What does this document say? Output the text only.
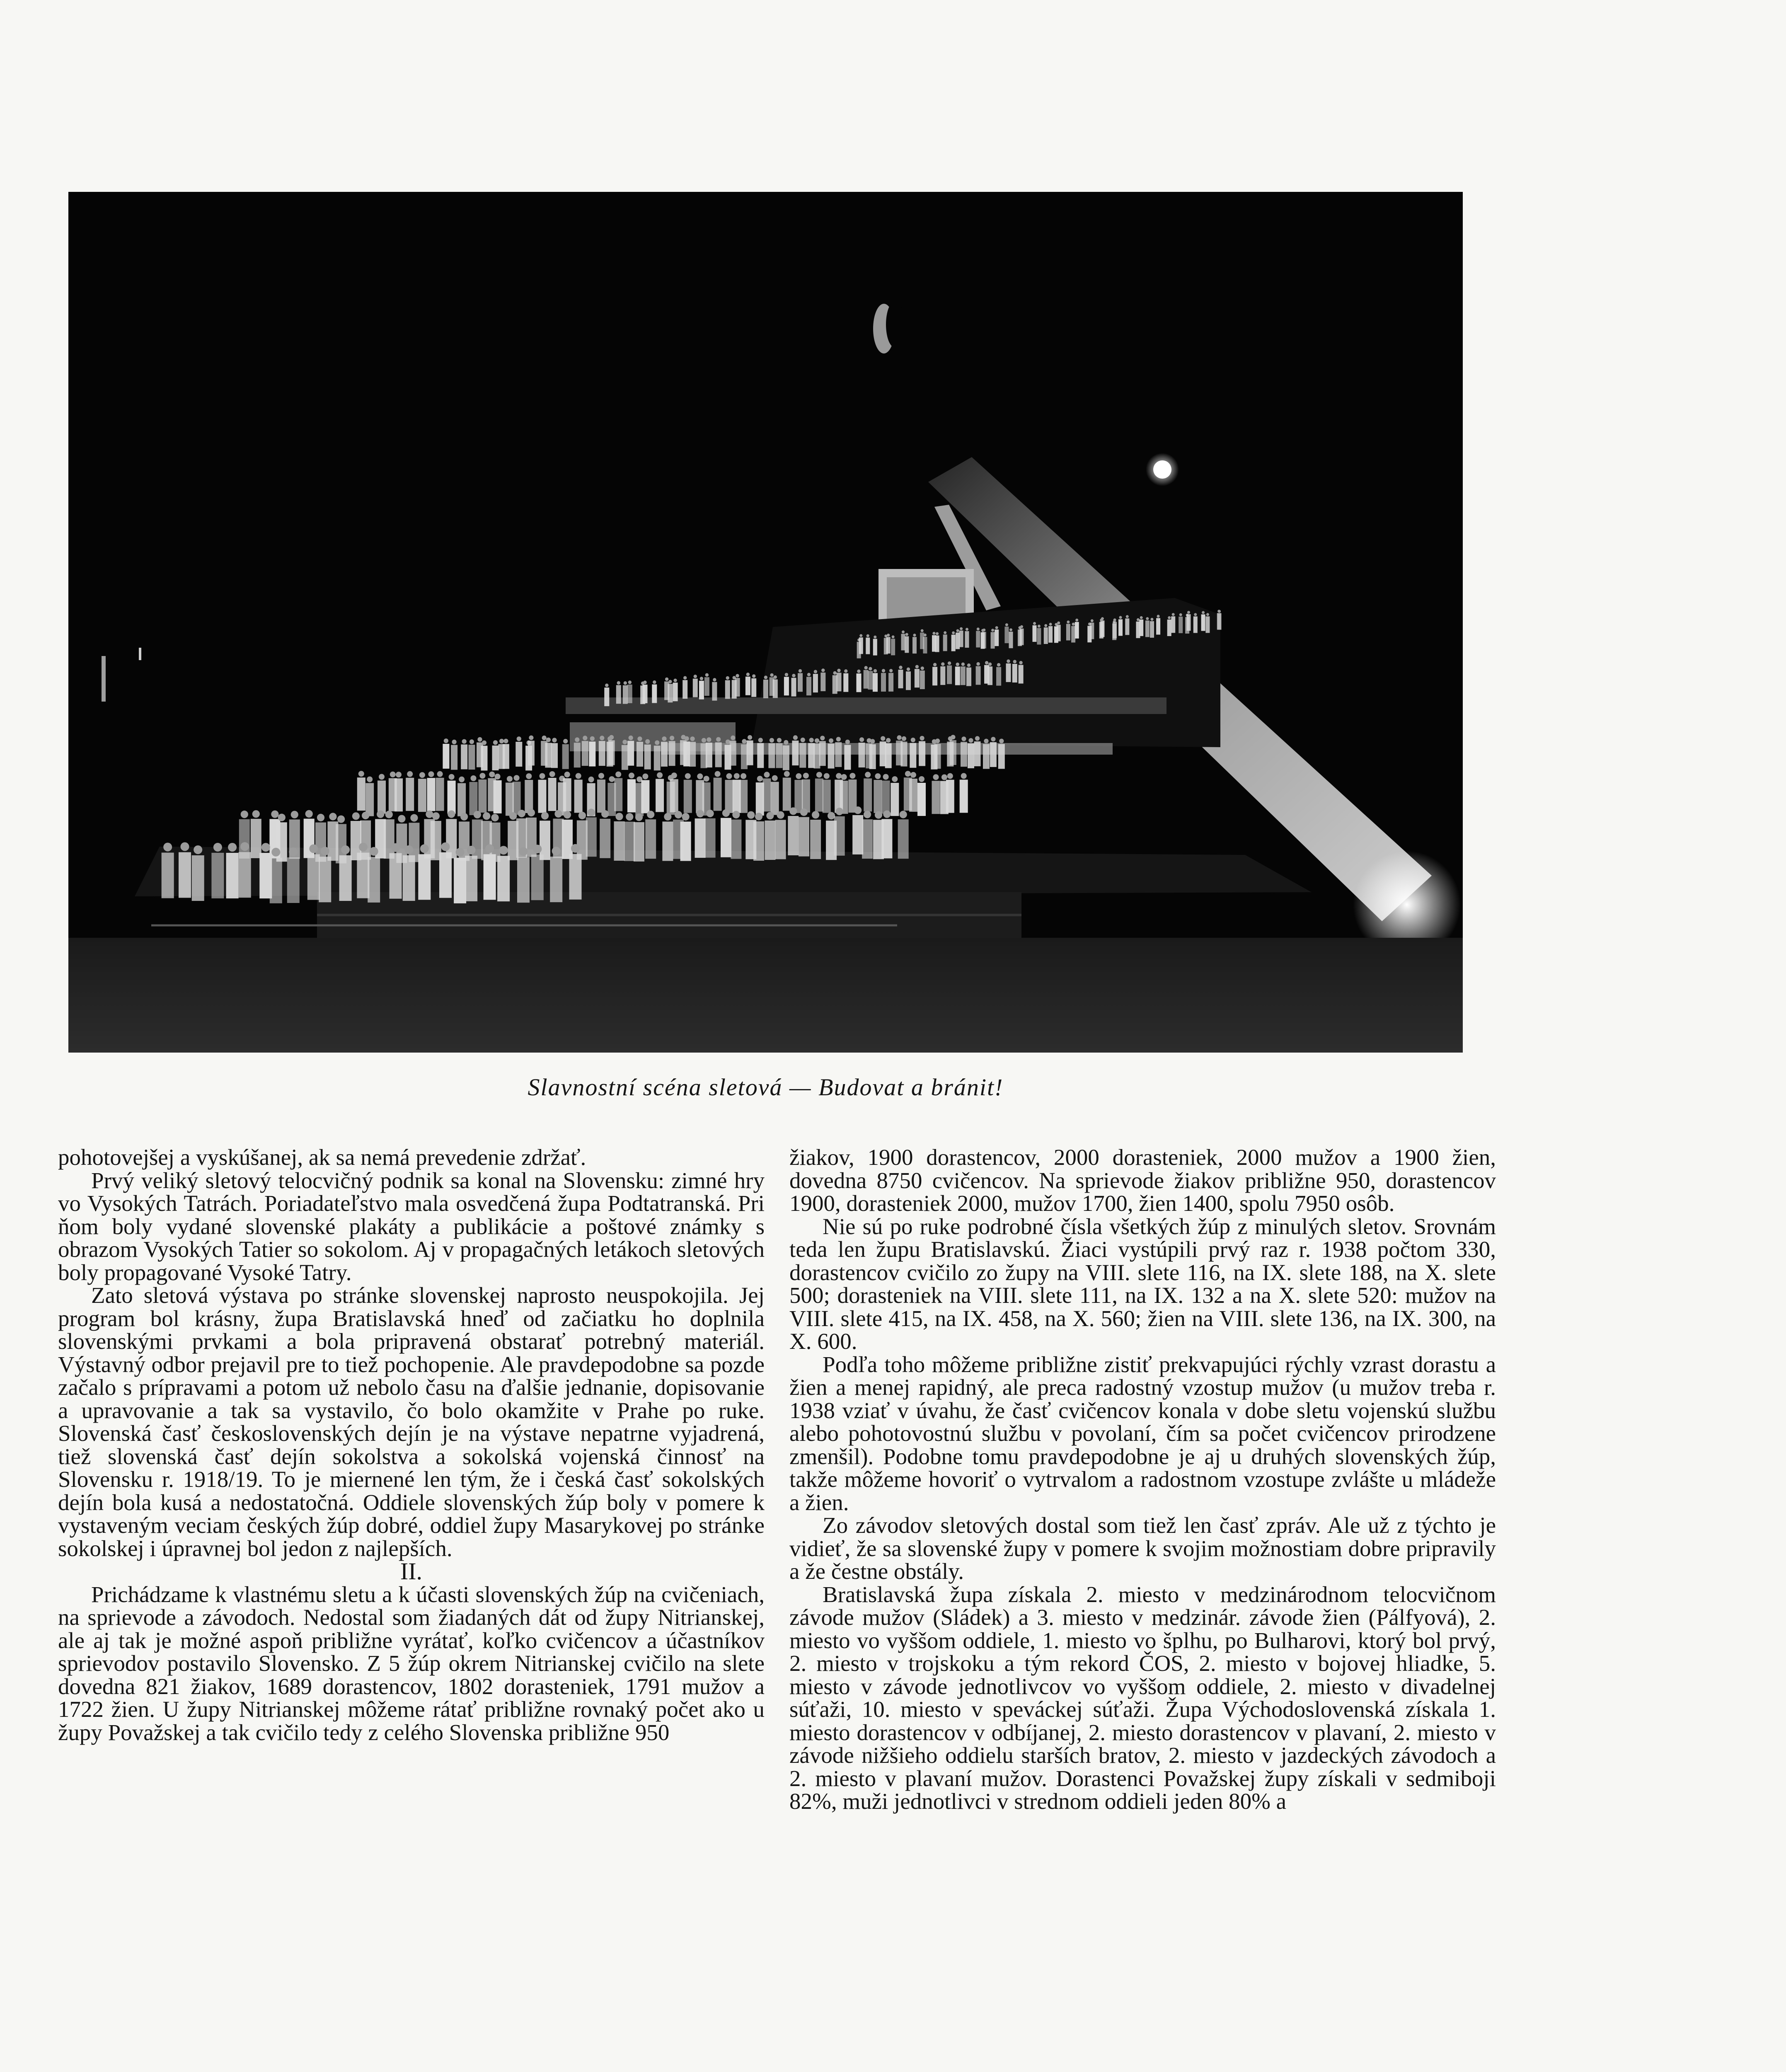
Slavnostní scéna sletová — Budovat a bránit!

pohotovejšej a vyskúšanej, ak sa nemá prevedenie zdržať.

Prvý veliký sletový telocvičný podnik sa konal na Slovensku: zimné hry vo Vysokých Tatrách. Poriadateľstvo mala osvedčená župa Podtatranská. Pri ňom boly vydané slovenské plakáty a publikácie a poštové známky s obrazom Vysokých Tatier so sokolom. Aj v propagačných letákoch sletových boly propagované Vysoké Tatry.

Zato sletová výstava po stránke slovenskej naprosto neuspokojila. Jej program bol krásny, župa Bratislavská hneď od začiatku ho doplnila slovenskými prvkami a bola pripravená obstarať potrebný materiál. Výstavný odbor prejavil pre to tiež pochopenie. Ale pravdepodobne sa pozde začalo s prípravami a potom už nebolo času na ďalšie jednanie, dopisovanie a upravovanie a tak sa vystavilo, čo bolo okamžite v Prahe po ruke. Slovenská časť československých dejín je na výstave nepatrne vyjadrená, tiež slovenská časť dejín sokolstva a sokolská vojenská činnosť na Slovensku r. 1918/19. To je miernené len tým, že i česká časť sokolských dejín bola kusá a nedostatočná. Oddiele slovenských žúp boly v pomere k vystaveným veciam českých žúp dobré, oddiel župy Masarykovej po stránke sokolskej i úpravnej bol jedon z najlepších.

II.

Prichádzame k vlastnému sletu a k účasti slovenských žúp na cvičeniach, na sprievode a závodoch. Nedostal som žiadaných dát od župy Nitrianskej, ale aj tak je možné aspoň približne vyrátať, koľko cvičencov a účastníkov sprievodov postavilo Slovensko. Z 5 žúp okrem Nitrianskej cvičilo na slete dovedna 821 žiakov, 1689 dorastencov, 1802 dorasteniek, 1791 mužov a 1722 žien. U župy Nitrianskej môžeme rátať približne rovnaký počet ako u župy Považskej a tak cvičilo tedy z celého Slovenska približne 950

žiakov, 1900 dorastencov, 2000 dorasteniek, 2000 mužov a 1900 žien, dovedna 8750 cvičencov. Na sprievode žiakov približne 950, dorastencov 1900, dorasteniek 2000, mužov 1700, žien 1400, spolu 7950 osôb.

Nie sú po ruke podrobné čísla všetkých žúp z minulých sletov. Srovnám teda len župu Bratislavskú. Žiaci vystúpili prvý raz r. 1938 počtom 330, dorastencov cvičilo zo župy na VIII. slete 116, na IX. slete 188, na X. slete 500; dorasteniek na VIII. slete 111, na IX. 132 a na X. slete 520: mužov na VIII. slete 415, na IX. 458, na X. 560; žien na VIII. slete 136, na IX. 300, na X. 600.

Podľa toho môžeme približne zistiť prekvapujúci rýchly vzrast dorastu a žien a menej rapidný, ale preca radostný vzostup mužov (u mužov treba r. 1938 vziať v úvahu, že časť cvičencov konala v dobe sletu vojenskú službu alebo pohotovostnú službu v povolaní, čím sa počet cvičencov prirodzene zmenšil). Podobne tomu pravdepodobne je aj u druhých slovenských žúp, takže môžeme hovoriť o vytrvalom a radostnom vzostupe zvlášte u mládeže a žien.

Zo závodov sletových dostal som tiež len časť zpráv. Ale už z týchto je vidieť, že sa slovenské župy v pomere k svojim možnostiam dobre pripravily a že čestne obstály.

Bratislavská župa získala 2. miesto v medzinárodnom telocvičnom závode mužov (Sládek) a 3. miesto v medzinár. závode žien (Pálfyová), 2. miesto vo vyššom oddiele, 1. miesto vo šplhu, po Bulharovi, ktorý bol prvý, 2. miesto v trojskoku a tým rekord ČOS, 2. miesto v bojovej hliadke, 5. miesto v závode jednotlivcov vo vyššom oddiele, 2. miesto v divadelnej súťaži, 10. miesto v speváckej súťaži. Župa Východoslovenská získala 1. miesto dorastencov v odbíjanej, 2. miesto dorastencov v plavaní, 2. miesto v závode nižšieho oddielu starších bratov, 2. miesto v jazdeckých závodoch a 2. miesto v plavaní mužov. Dorastenci Považskej župy získali v sedmiboji 82%, muži jednotlivci v strednom oddieli jeden 80% a
